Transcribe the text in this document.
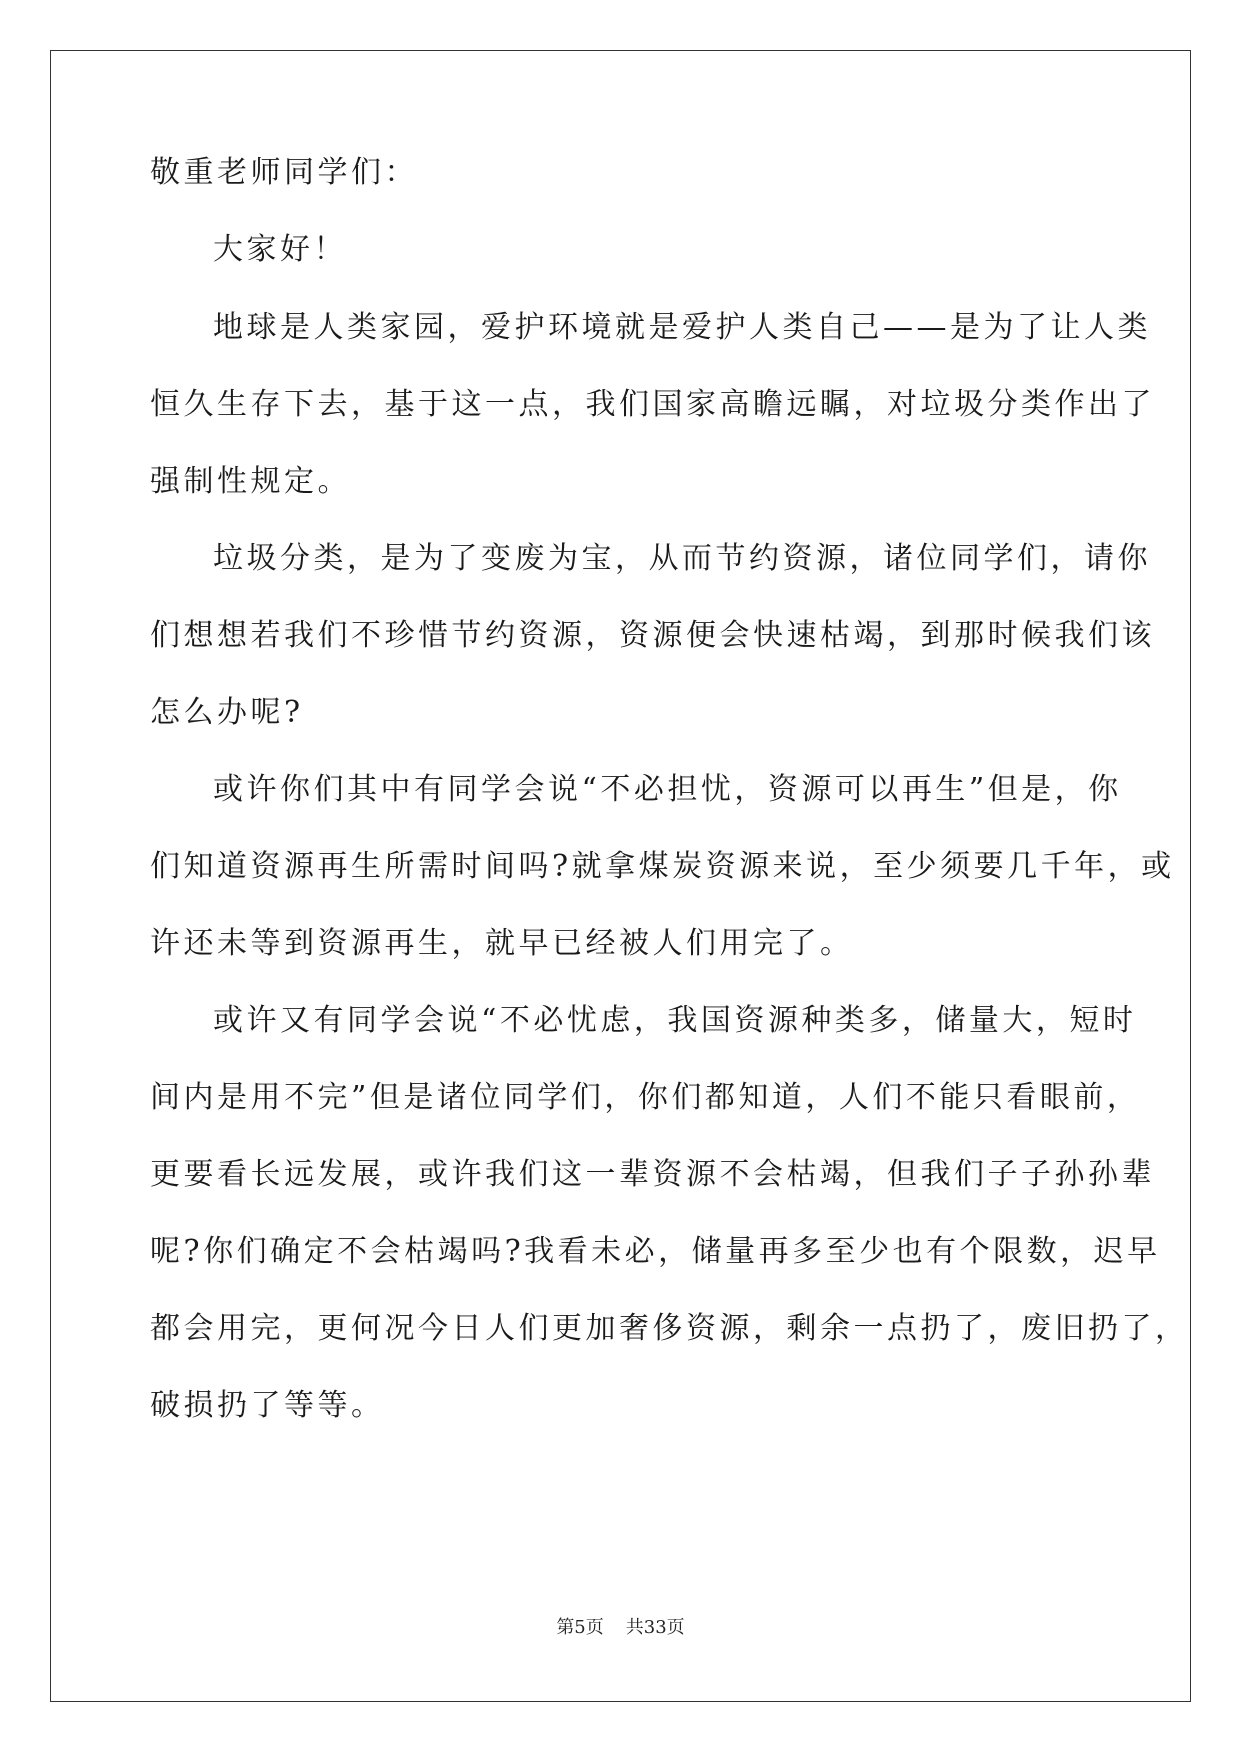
敬重老师同学们：
大家好！
地球是人类家园，爱护环境就是爱护人类自己——是为了让人类
恒久生存下去，基于这一点，我们国家高瞻远瞩，对垃圾分类作出了
强制性规定。
垃圾分类，是为了变废为宝，从而节约资源，诸位同学们，请你
们想想若我们不珍惜节约资源，资源便会快速枯竭，到那时候我们该
怎么办呢?
或许你们其中有同学会说“不必担忧，资源可以再生”但是，你
们知道资源再生所需时间吗?就拿煤炭资源来说，至少须要几千年，或
许还未等到资源再生，就早已经被人们用完了。
或许又有同学会说“不必忧虑，我国资源种类多，储量大，短时
间内是用不完”但是诸位同学们，你们都知道，人们不能只看眼前，
更要看长远发展，或许我们这一辈资源不会枯竭，但我们子子孙孙辈
呢?你们确定不会枯竭吗?我看未必，储量再多至少也有个限数，迟早
都会用完，更何况今日人们更加奢侈资源，剩余一点扔了，废旧扔了，
破损扔了等等。
第5页 共33页
